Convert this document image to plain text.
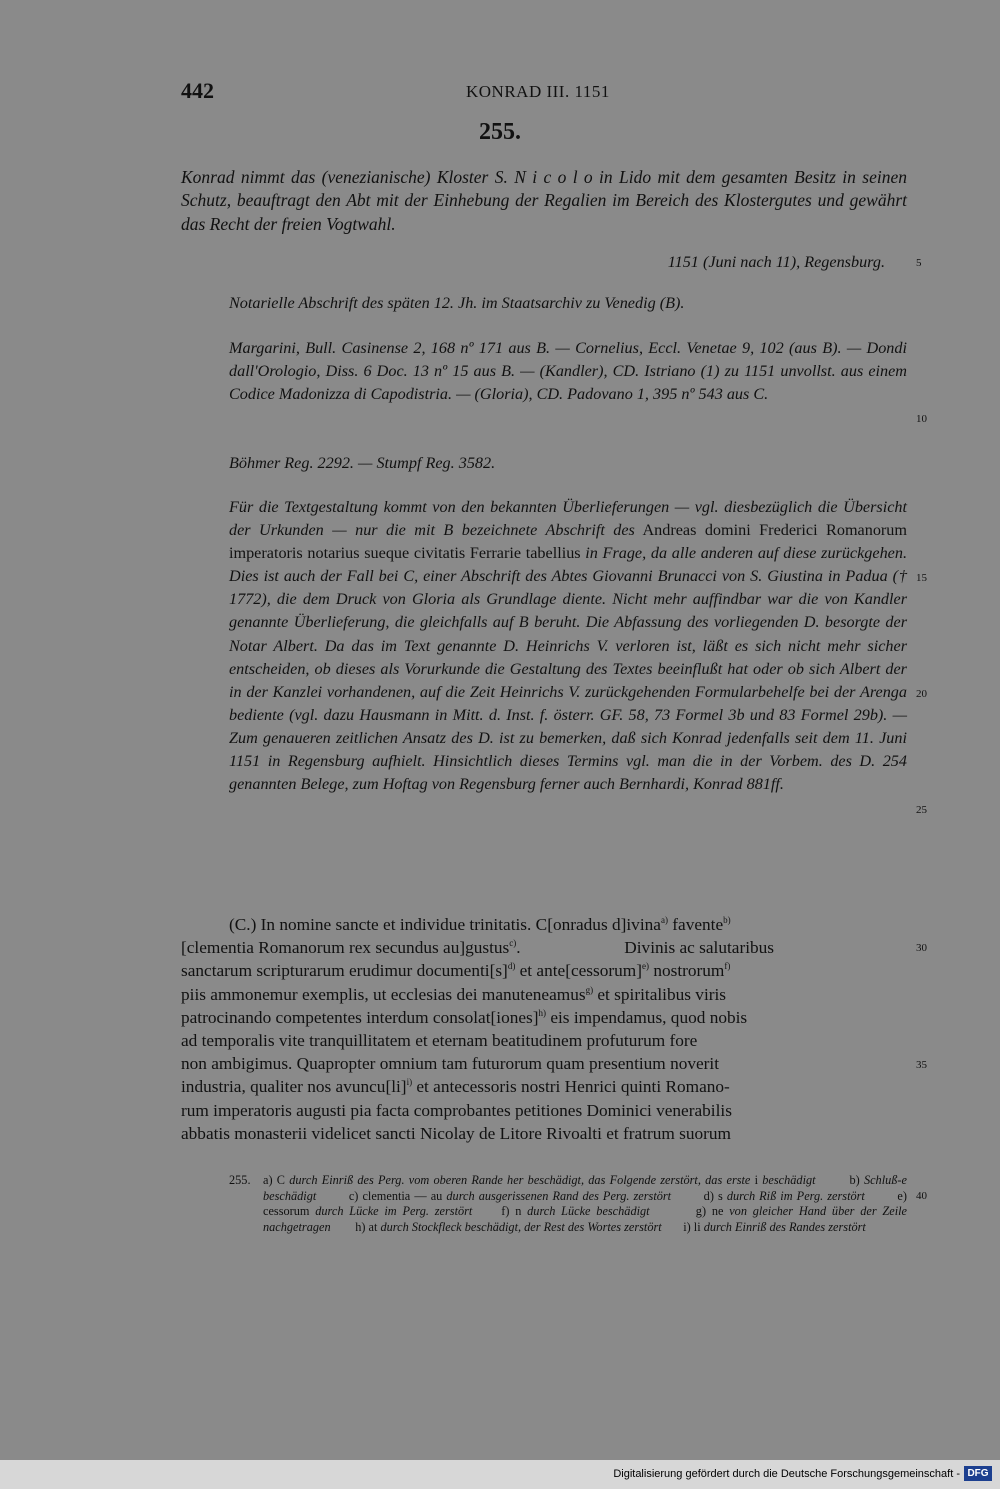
442	KONRAD III. 1151
255.
Konrad nimmt das (venezianische) Kloster S. N i c o l o in Lido mit dem gesamten Besitz in seinen Schutz, beauftragt den Abt mit der Einhebung der Regalien im Bereich des Klostergutes und gewährt das Recht der freien Vogtwahl.
1151 (Juni nach 11), Regensburg.	5
Notarielle Abschrift des späten 12. Jh. im Staatsarchiv zu Venedig (B).
Margarini, Bull. Casinense 2, 168 nº 171 aus B. — Cornelius, Eccl. Venetae 9, 102 (aus B). — Dondi dall'Orologio, Diss. 6 Doc. 13 nº 15 aus B. — (Kandler), CD. Istriano (1) zu 1151 unvollst. aus einem Codice Madonizza di Capodistria. — (Gloria), CD. Padovano 1, 395 nº 543 aus C.
10
Böhmer Reg. 2292. — Stumpf Reg. 3582.
Für die Textgestaltung kommt von den bekannten Überlieferungen — vgl. diesbezüglich die Übersicht der Urkunden — nur die mit B bezeichnete Abschrift des Andreas domini Frederici Romanorum imperatoris notarius sueque civitatis Ferrarie tabellius in Frage, da alle anderen auf diese zurückgehen. Dies ist auch der Fall bei C, einer Abschrift des Abtes Giovanni Brunacci von S. Giustina in Padua († 1772), die dem Druck von Gloria als Grundlage diente. Nicht mehr auffindbar war die von Kandler genannte Überlieferung, die gleichfalls auf B beruht. Die Abfassung des vorliegenden D. besorgte der Notar Albert. Da das im Text genannte D. Heinrichs V. verloren ist, läßt es sich nicht mehr sicher entscheiden, ob dieses als Vorurkunde die Gestaltung des Textes beeinflußt hat oder ob sich Albert der in der Kanzlei vorhandenen, auf die Zeit Heinrichs V. zurückgehenden Formularbehelfe bei der Arenga bediente (vgl. dazu Hausmann in Mitt. d. Inst. f. österr. GF. 58, 73 Formel 3b und 83 Formel 29b). — Zum genaueren zeitlichen Ansatz des D. ist zu bemerken, daß sich Konrad jedenfalls seit dem 11. Juni 1151 in Regensburg aufhielt. Hinsichtlich dieses Termins vgl. man die in der Vorbem. des D. 254 genannten Belege, zum Hoftag von Regensburg ferner auch Bernhardi, Konrad 881ff.
15
20
25
(C.) In nomine sancte et individue trinitatis. C[onradus d]ivina$^{a)}$ favente$^{b)}$
[clementia Romanorum rex secundus au]gustus$^{c)}$.                        Divinis ac salutaribus
sanctarum scripturarum erudimur $documenti[s]^{d)}$ et ante[cessorum]$^{e)}$ nostrorum$^{f)}$
piis ammonemur exemplis, ut ecclesias dei manuteneamus$^{g)}$ et spiritalibus viris
patrocinando competentes interdum consolat[iones]$^{h)}$ eis impendamus, quod nobis
ad temporalis vite tranquillitatem et eternam beatitudinem profuturum fore
non ambigimus. Quapropter omnium tam futurorum quam presentium noverit
industria, qualiter nos avuncu[li]$^{i)}$ et antecessoris nostri Henrici quinti Romano-
rum imperatoris augusti pia facta comprobantes petitiones Dominici venerabilis
abbatis monasterii videlicet sancti Nicolay de Litore Rivoalti et fratrum suorum
30
35
255. a) C durch Einriß des Perg. vom oberen Rande her beschädigt, das Folgende zerstört, das erste i beschädigt        b) Schluß-e beschädigt        c) clementia — au durch ausgerissenen Rand des Perg. zerstört        d) s durch Riß im Perg. zerstört        e) cessorum durch Lücke im Perg. zerstört     f) n durch Lücke beschädigt        g) ne von gleicher Hand über der Zeile nachgetragen        h) at durch Stockfleck beschädigt, der Rest des Wortes zerstört       i) li durch Einriß des Randes zerstört
40
Digitalisierung gefördert durch die Deutsche Forschungsgemeinschaft - DFG
